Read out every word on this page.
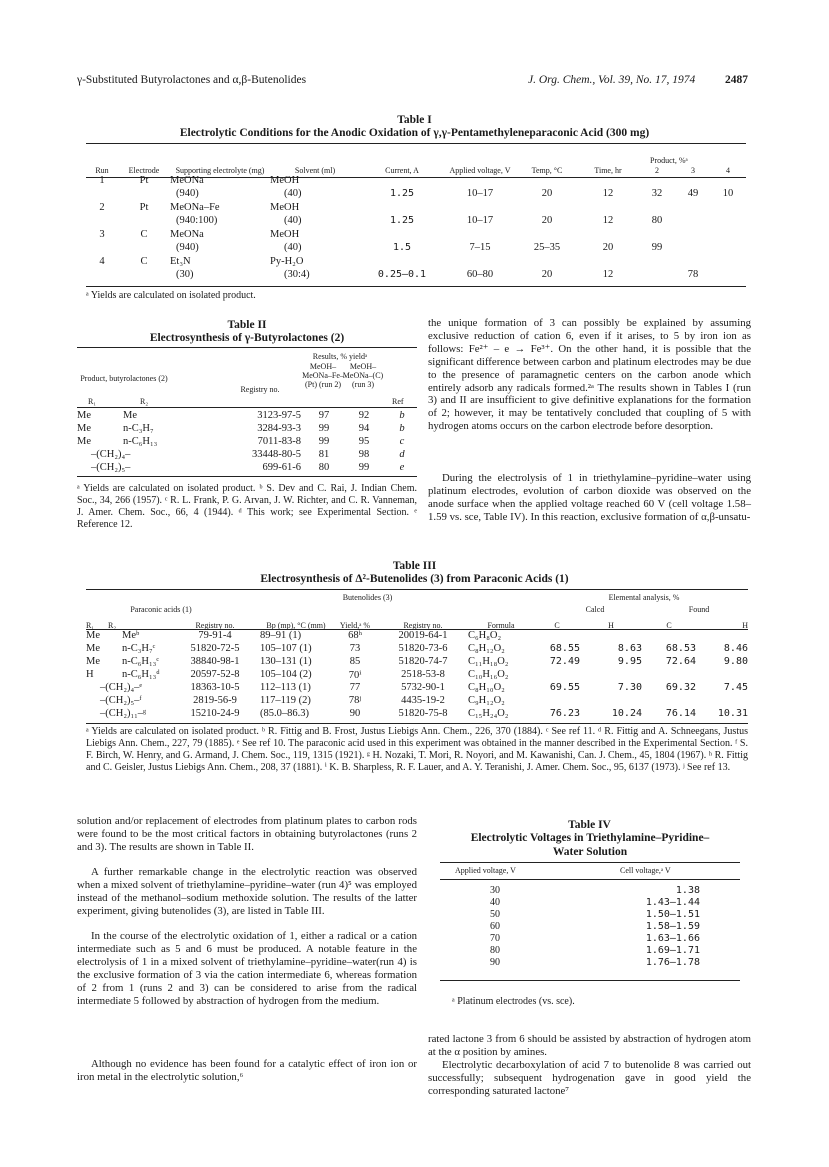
γ-Substituted Butyrolactones and α,β-Butenolides	J. Org. Chem., Vol. 39, No. 17, 1974	2487
Table I
Electrolytic Conditions for the Anodic Oxidation of γ,γ-Pentamethyleneparaconic Acid (300 mg)
Run	Electrode	Supporting electrolyte (mg)	Solvent (ml)	Current, A	Applied voltage, V	Temp, °C	Time, hr	2	3	4
1	Pt	MeONa	MeOH							
		(940)	(40)	1.25	10–17	20	12	32	49	10
2	Pt	MeONa–Fe	MeOH							
		(940:100)	(40)	1.25	10–17	20	12	80		
3	C	MeONa	MeOH							
		(940)	(40)	1.5	7–15	25–35	20	99		
4	C	Et₃N	Py-H₂O							
		(30)	(30:4)	0.25–0.1	60–80	20	12		78	
Product, %ᵃ
ᵃ Yields are calculated on isolated product.
Table II
Electrosynthesis of γ-Butyrolactones (2)
Product, butyrolactones (2)
R₁	R₂
Registry no.
Results, % yieldᵃ
MeOH–MeONa–Fe–(Pt) (run 2)
MeOH–MeONa–(C) (run 3)
Ref
Me	Me	3123-97-5	97	92	b
Me	n-C₃H₇	3284-93-3	99	94	b
Me	n-C₆H₁₃	7011-83-8	99	95	c
–(CH₂)₄–		33448-80-5	81	98	d
–(CH₂)₅–		699-61-6	80	99	e
ᵃ Yields are calculated on isolated product. ᵇ S. Dev and C. Rai, J. Indian Chem. Soc., 34, 266 (1957). ᶜ R. L. Frank, P. G. Arvan, J. W. Richter, and C. R. Vanneman, J. Amer. Chem. Soc., 66, 4 (1944). ᵈ This work; see Experimental Section. ᵉ Reference 12.
the unique formation of 3 can possibly be explained by assuming exclusive reduction of cation 6, even if it arises, to 5 by iron ion as follows: Fe²⁺ – e → Fe³⁺. On the other hand, it is possible that the significant difference between carbon and platinum electrodes may be due to the presence of paramagnetic centers on the carbon anode which entirely adsorb any radicals formed.²ᵃ The results shown in Tables I (run 3) and II are insufficient to give definitive explanations for the formation of 2; however, it may be tentatively concluded that coupling of 5 with hydrogen atoms occurs on the carbon electrode before desorption.
During the electrolysis of 1 in triethylamine–pyridine–water using platinum electrodes, evolution of carbon dioxide was observed on the anode surface when the applied voltage reached 60 V (cell voltage 1.58–1.59 vs. sce, Table IV). In this reaction, exclusive formation of α,β-unsatu-
Table III
Electrosynthesis of Δ²-Butenolides (3) from Paraconic Acids (1)
Paraconic acids (1)
Butenolides (3)	Elemental analysis, %
Calcd	Found
R₁	R₂	Registry no.	Bp (mp), °C (mm)	Yield,ᵃ %	Registry no.	Formula	C	H	C	H
Me	Meᵇ	79-91-4	89–91 (1)	68ʰ	20019-64-1	C₆H₈O₂				
Me	n-C₃H₇ᶜ	51820-72-5	105–107 (1)	73	51820-73-6	C₈H₁₂O₂	68.55	8.63	68.53	8.46
Me	n-C₆H₁₃ᶜ	38840-98-1	130–131 (1)	85	51820-74-7	C₁₁H₁₈O₂	72.49	9.95	72.64	9.80
H	n-C₆H₁₃ᵈ	20597-52-8	105–104 (2)	70ⁱ	2518-53-8	C₁₀H₁₆O₂				
–(CH₂)₄–ᵉ		18363-10-5	112–113 (1)	77	5732-90-1	C₈H₁₀O₂	69.55	7.30	69.32	7.45
–(CH₂)₅–ᶠ		2819-56-9	117–119 (2)	78ʲ	4435-19-2	C₉H₁₂O₂				
–(CH₂)₁₁–ᵍ		15210-24-9	(85.0–86.3)	90	51820-75-8	C₁₅H₂₄O₂	76.23	10.24	76.14	10.31
ᵃ Yields are calculated on isolated product. ᵇ R. Fittig and B. Frost, Justus Liebigs Ann. Chem., 226, 370 (1884). ᶜ See ref 11. ᵈ R. Fittig and A. Schneegans, Justus Liebigs Ann. Chem., 227, 79 (1885). ᵉ See ref 10. The paraconic acid used in this experiment was obtained in the manner described in the Experimental Section. ᶠ S. F. Birch, W. Henry, and G. Armand, J. Chem. Soc., 119, 1315 (1921). ᵍ H. Nozaki, T. Mori, R. Noyori, and M. Kawanishi, Can. J. Chem., 45, 1804 (1967). ʰ R. Fittig and C. Geisler, Justus Liebigs Ann. Chem., 208, 37 (1881). ⁱ K. B. Sharpless, R. F. Lauer, and A. Y. Teranishi, J. Amer. Chem. Soc., 95, 6137 (1973). ʲ See ref 13.
solution and/or replacement of electrodes from platinum plates to carbon rods were found to be the most critical factors in obtaining butyrolactones (runs 2 and 3). The results are shown in Table II.
A further remarkable change in the electrolytic reaction was observed when a mixed solvent of triethylamine–pyridine–water (run 4)⁵ was employed instead of the methanol–sodium methoxide solution. The results of the latter experiment, giving butenolides (3), are listed in Table III.
In the course of the electrolytic oxidation of 1, either a radical or a cation intermediate such as 5 and 6 must be produced. A notable feature in the electrolysis of 1 in a mixed solvent of triethylamine–pyridine–water(run 4) is the exclusive formation of 3 via the cation intermediate 6, whereas formation of 2 from 1 (runs 2 and 3) can be considered to arise from the radical intermediate 5 followed by abstraction of hydrogen from the medium.
Although no evidence has been found for a catalytic effect of iron ion or iron metal in the electrolytic solution,⁶
Table IV
Electrolytic Voltages in Triethylamine–Pyridine–Water Solution
Applied voltage, V	Cell voltage,ᵃ V
30	1.38	
40	1.43–1.44	
50	1.50–1.51	
60	1.58–1.59	
70	1.63–1.66	
80	1.69–1.71	
90	1.76–1.78	
ᵃ Platinum electrodes (vs. sce).
rated lactone 3 from 6 should be assisted by abstraction of hydrogen atom at the α position by amines.
Electrolytic decarboxylation of acid 7 to butenolide 8 was carried out successfully; subsequent hydrogenation gave in good yield the corresponding saturated lactone⁷
